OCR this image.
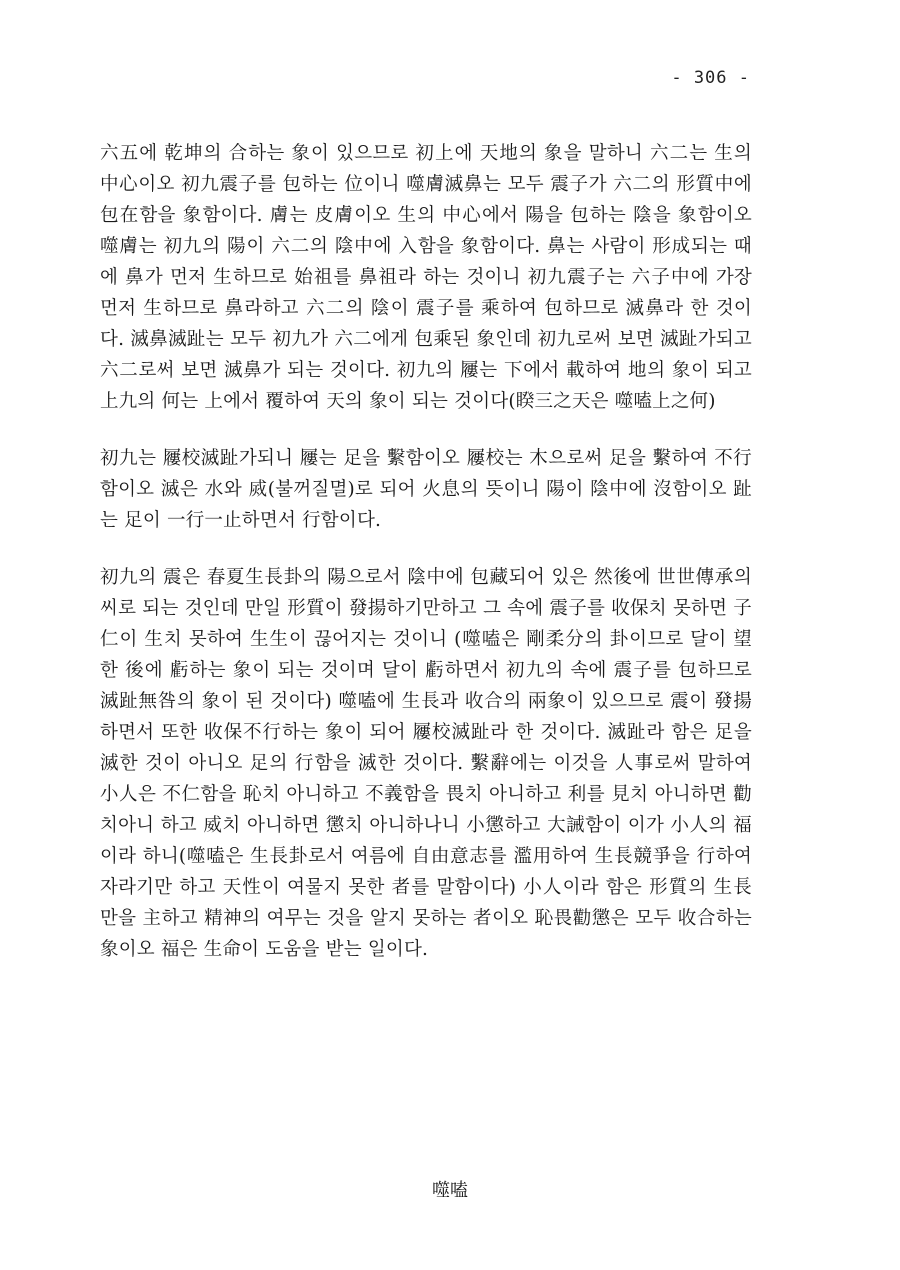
- 306 -

六五에 乾坤의 合하는 象이 있으므로 初上에 天地의 象을 말하니 六二는 生의 中心이오 初九震子를 包하는 位이니 噬膚滅鼻는 모두 震子가 六二의 形質中에 包在함을 象함이다. 膚는 皮膚이오 生의 中心에서 陽을 包하는 陰을 象함이오 噬膚는 初九의 陽이 六二의 陰中에 入함을 象함이다. 鼻는 사람이 形成되는 때에 鼻가 먼저 生하므로 始祖를 鼻祖라 하는 것이니 初九震子는 六子中에 가장 먼저 生하므로 鼻라하고 六二의 陰이 震子를 乘하여 包하므로 滅鼻라 한 것이다. 滅鼻滅趾는 모두 初九가 六二에게 包乘된 象인데 初九로써 보면 滅趾가되고 六二로써 보면 滅鼻가 되는 것이다. 初九의 屨는 下에서 載하여 地의 象이 되고 上九의 何는 上에서 覆하여 天의 象이 되는 것이다(睽三之天은 噬嗑上之何)

初九는 屨校滅趾가되니 屨는 足을 繫함이오 屨校는 木으로써 足을 繫하여 不行함이오 滅은 水와 烕(불꺼질멸)로 되어 火息의 뜻이니 陽이 陰中에 沒함이오 趾는 足이 一行一止하면서 行함이다.

初九의 震은 春夏生長卦의 陽으로서 陰中에 包藏되어 있은 然後에 世世傳承의 씨로 되는 것인데 만일 形質이 發揚하기만하고 그 속에 震子를 收保치 못하면 子仁이 生치 못하여 生生이 끊어지는 것이니 (噬嗑은 剛柔分의 卦이므로 달이 望한 後에 虧하는 象이 되는 것이며 달이 虧하면서 初九의 속에 震子를 包하므로 滅趾無咎의 象이 된 것이다) 噬嗑에 生長과 收合의 兩象이 있으므로 震이 發揚하면서 또한 收保不行하는 象이 되어 屨校滅趾라 한 것이다. 滅趾라 함은 足을 滅한 것이 아니오 足의 行함을 滅한 것이다. 繫辭에는 이것을 人事로써 말하여 小人은 不仁함을 恥치 아니하고 不義함을 畏치 아니하고 利를 見치 아니하면 勸치아니 하고 威치 아니하면 懲치 아니하나니 小懲하고 大誡함이 이가 小人의 福이라 하니(噬嗑은 生長卦로서 여름에 自由意志를 濫用하여 生長競爭을 行하여 자라기만 하고 天性이 여물지 못한 者를 말함이다) 小人이라 함은 形質의 生長만을 主하고 精神의 여무는 것을 알지 못하는 者이오 恥畏勸懲은 모두 收合하는 象이오 福은 生命이 도움을 받는 일이다.

噬嗑
